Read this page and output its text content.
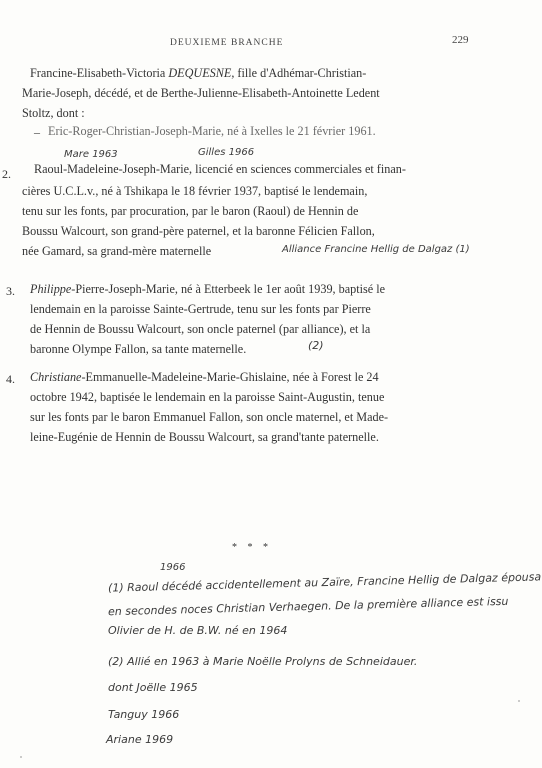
DEUXIEME BRANCHE	229
Francine-Elisabeth-Victoria DEQUESNE, fille d'Adhémar-Christian-
Marie-Joseph, décédé, et de Berthe-Julienne-Elisabeth-Antoinette Ledent
Stoltz, dont :
– Eric-Roger-Christian-Joseph-Marie, né à Ixelles le 21 février 1961.
Mare 1963	Gilles 1966
2. Raoul-Madeleine-Joseph-Marie, licencié en sciences commerciales et finan-
cières U.C.L.v., né à Tshikapa le 18 février 1937, baptisé le lendemain,
tenu sur les fonts, par procuration, par le baron (Raoul) de Hennin de
Boussu Walcourt, son grand-père paternel, et la baronne Félicien Fallon,
née Gamard, sa grand-mère maternelle	Alliance Francine Hellig de Dalgaz (1)
3. Philippe-Pierre-Joseph-Marie, né à Etterbeek le 1er août 1939, baptisé le
lendemain en la paroisse Sainte-Gertrude, tenu sur les fonts par Pierre
de Hennin de Boussu Walcourt, son oncle paternel (par alliance), et la
baronne Olympe Fallon, sa tante maternelle.	(2)
4. Christiane-Emmanuelle-Madeleine-Marie-Ghislaine, née à Forest le 24
octobre 1942, baptisée le lendemain en la paroisse Saint-Augustin, tenue
sur les fonts par le baron Emmanuel Fallon, son oncle maternel, et Made-
leine-Eugénie de Hennin de Boussu Walcourt, sa grand'tante paternelle.
* * *
1966
(1) Raoul décédé accidentellement au Zaïre, Francine Hellig de Dalgaz épousa
en secondes noces Christian Verhaegen. De la première alliance est issu
Olivier de H. de B.W. né en 1964
(2) Allié en 1963 à Marie Noëlle Prolyns de Schneidauer.
dont Joëlle 1965
Tanguy 1966
Ariane 1969
